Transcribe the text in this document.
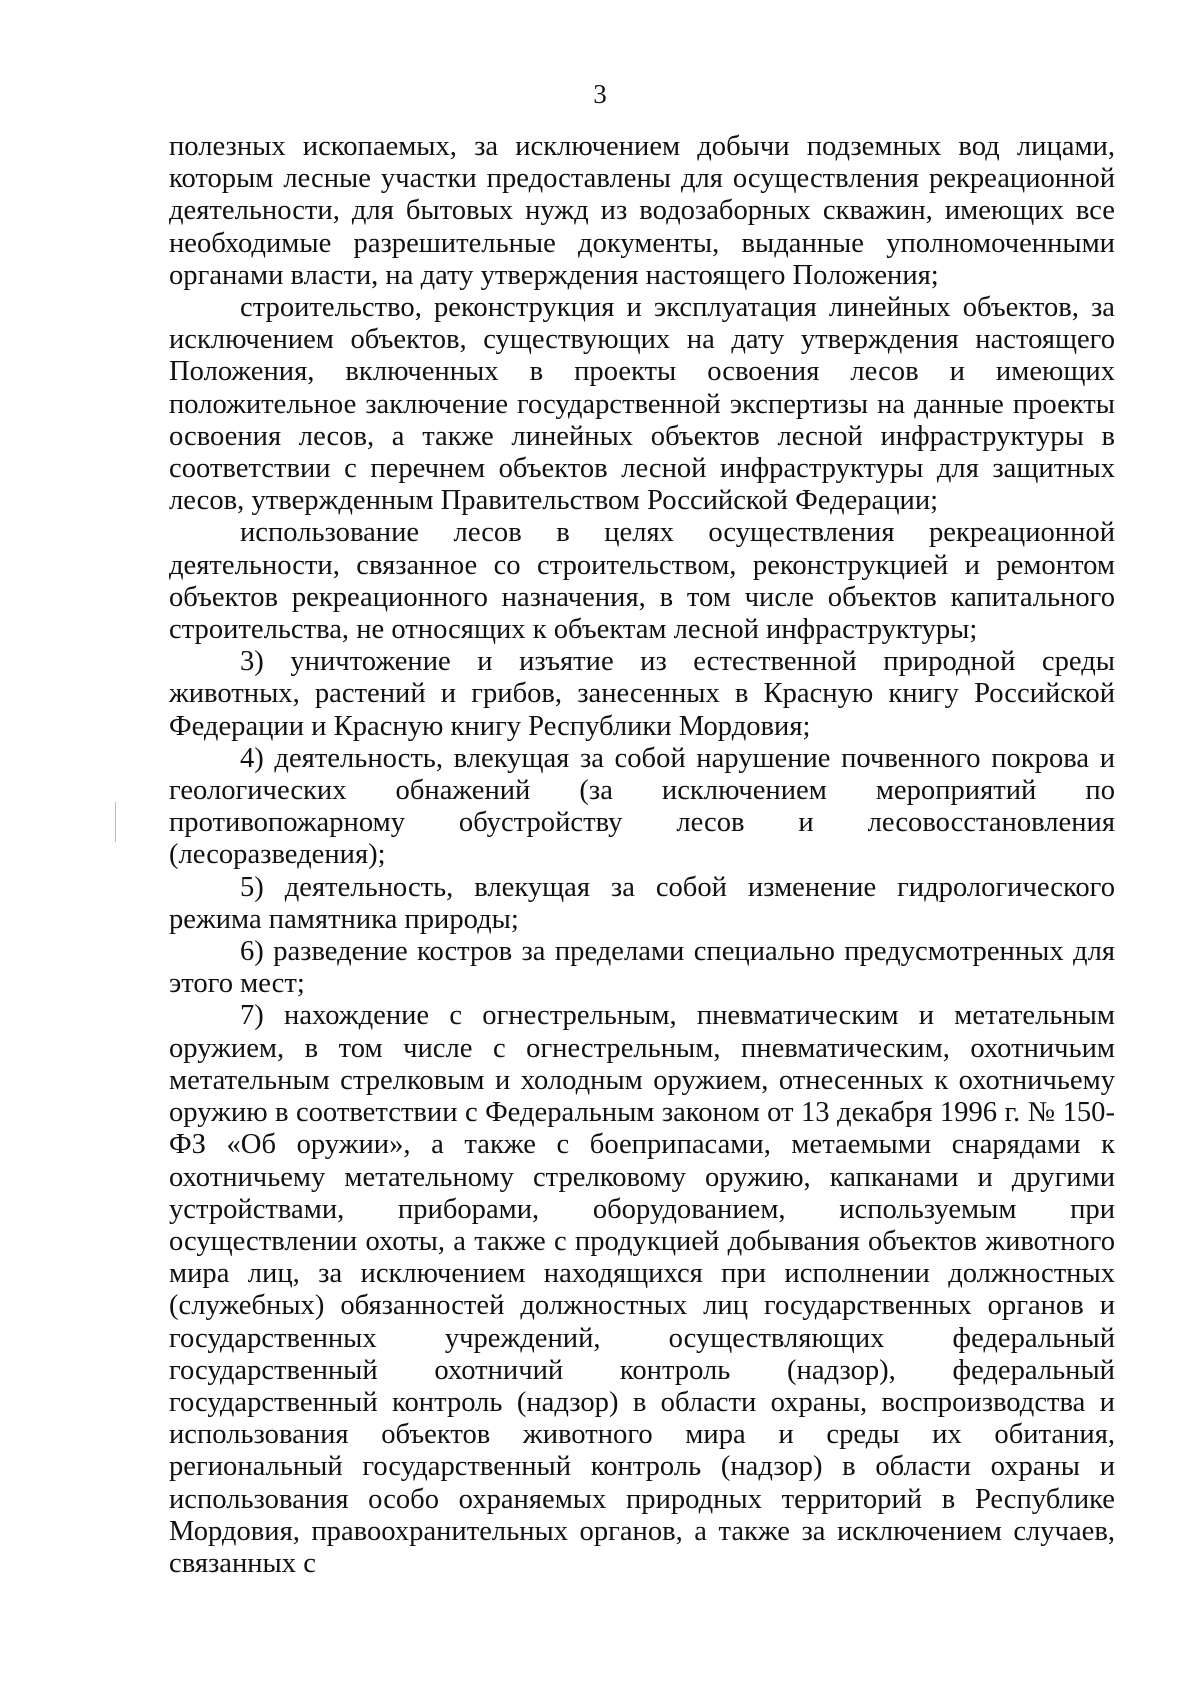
3

полезных ископаемых, за исключением добычи подземных вод лицами, которым лесные участки предоставлены для осуществления рекреационной деятельности, для бытовых нужд из водозаборных скважин, имеющих все необходимые разрешительные документы, выданные уполномоченными органами власти, на дату утверждения настоящего Положения;

строительство, реконструкция и эксплуатация линейных объектов, за исключением объектов, существующих на дату утверждения настоящего Положения, включенных в проекты освоения лесов и имеющих положительное заключение государственной экспертизы на данные проекты освоения лесов, а также линейных объектов лесной инфраструктуры в соответствии с перечнем объектов лесной инфраструктуры для защитных лесов, утвержденным Правительством Российской Федерации;

использование лесов в целях осуществления рекреационной деятельности, связанное со строительством, реконструкцией и ремонтом объектов рекреационного назначения, в том числе объектов капитального строительства, не относящих к объектам лесной инфраструктуры;

3) уничтожение и изъятие из естественной природной среды животных, растений и грибов, занесенных в Красную книгу Российской Федерации и Красную книгу Республики Мордовия;

4) деятельность, влекущая за собой нарушение почвенного покрова и геологических обнажений (за исключением мероприятий по противопожарному обустройству лесов и лесовосстановления (лесоразведения);

5) деятельность, влекущая за собой изменение гидрологического режима памятника природы;

6) разведение костров за пределами специально предусмотренных для этого мест;

7) нахождение с огнестрельным, пневматическим и метательным оружием, в том числе с огнестрельным, пневматическим, охотничьим метательным стрелковым и холодным оружием, отнесенных к охотничьему оружию в соответствии с Федеральным законом от 13 декабря 1996 г. № 150-ФЗ «Об оружии», а также с боеприпасами, метаемыми снарядами к охотничьему метательному стрелковому оружию, капканами и другими устройствами, приборами, оборудованием, используемым при осуществлении охоты, а также с продукцией добывания объектов животного мира лиц, за исключением находящихся при исполнении должностных (служебных) обязанностей должностных лиц государственных органов и государственных учреждений, осуществляющих федеральный государственный охотничий контроль (надзор), федеральный государственный контроль (надзор) в области охраны, воспроизводства и использования объектов животного мира и среды их обитания, региональный государственный контроль (надзор) в области охраны и использования особо охраняемых природных территорий в Республике Мордовия, правоохранительных органов, а также за исключением случаев, связанных с
